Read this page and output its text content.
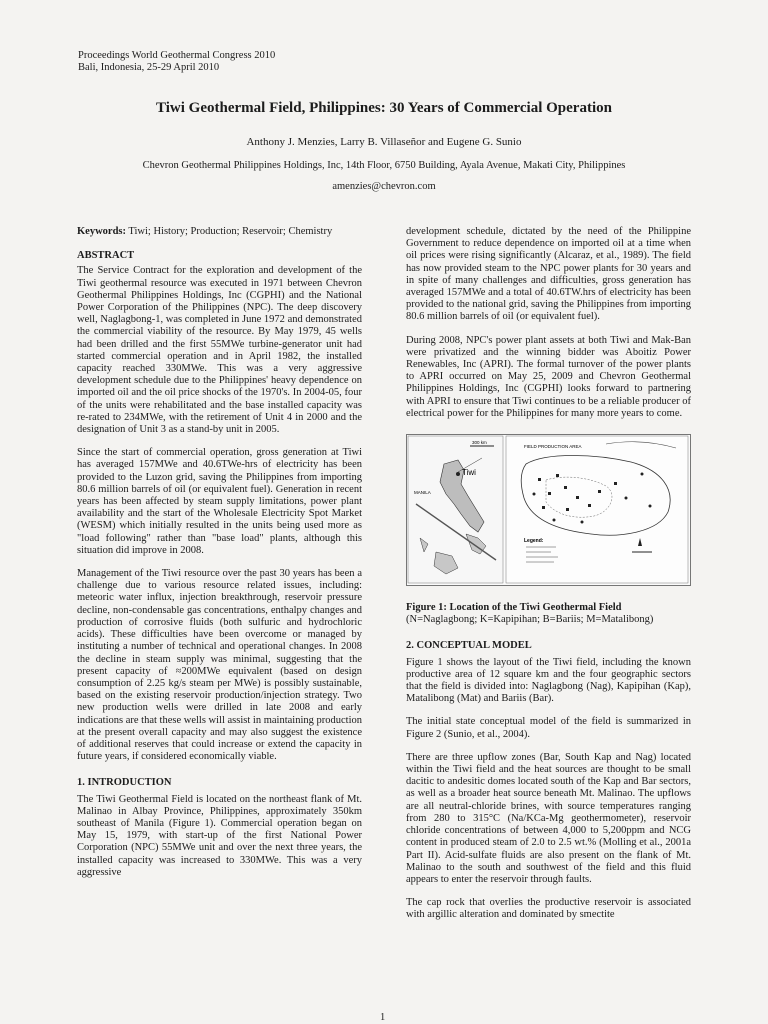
Proceedings World Geothermal Congress 2010
Bali, Indonesia, 25-29 April 2010
Tiwi Geothermal Field, Philippines: 30 Years of Commercial Operation
Anthony J. Menzies, Larry B. Villaseñor and Eugene G. Sunio
Chevron Geothermal Philippines Holdings, Inc, 14th Floor, 6750 Building, Ayala Avenue, Makati City, Philippines
amenzies@chevron.com

Keywords: Tiwi; History; Production; Reservoir; Chemistry

ABSTRACT

The Service Contract for the exploration and development of the Tiwi geothermal resource was executed in 1971 between Chevron Geothermal Philippines Holdings, Inc (CGPHI) and the National Power Corporation of the Philippines (NPC). The deep discovery well, Naglagbong-1, was completed in June 1972 and demonstrated the commercial viability of the resource. By May 1979, 45 wells had been drilled and the first 55MWe turbine-generator unit had started commercial operation and in April 1982, the installed capacity reached 330MWe. This was a very aggressive development schedule due to the Philippines' heavy dependence on imported oil and the oil price shocks of the 1970's. In 2004-05, four of the units were rehabilitated and the base installed capacity was re-rated to 234MWe, with the retirement of Unit 4 in 2000 and the designation of Unit 3 as a stand-by unit in 2005.

Since the start of commercial operation, gross generation at Tiwi has averaged 157MWe and 40.6TWe-hrs of electricity has been provided to the Luzon grid, saving the Philippines from importing 80.6 million barrels of oil (or equivalent fuel). Generation in recent years has been affected by steam supply limitations, power plant availability and the start of the Wholesale Electricity Spot Market (WESM) which initially resulted in the units being used more as "load following" rather than "base load" plants, although this situation did improve in 2008.

Management of the Tiwi resource over the past 30 years has been a challenge due to various resource related issues, including: meteoric water influx, injection breakthrough, reservoir pressure decline, non-condensable gas concentrations, enthalpy changes and production of corrosive fluids (both sulfuric and hydrochloric acids). These difficulties have been overcome or managed by instituting a number of technical and operational changes. In 2008 the decline in steam supply was minimal, suggesting that the present capacity of ≈200MWe equivalent (based on design consumption of 2.25 kg/s steam per MWe) is possibly sustainable, based on the existing reservoir production/injection strategy. Two new production wells were drilled in late 2008 and early indications are that these wells will assist in maintaining production at the present overall capacity and may also suggest the existence of additional reserves that could increase or extend the capacity in future years, if considered economically viable.

1. INTRODUCTION

The Tiwi Geothermal Field is located on the northeast flank of Mt. Malinao in Albay Province, Philippines, approximately 350km southeast of Manila (Figure 1). Commercial operation began on May 15, 1979, with start-up of the first National Power Corporation (NPC) 55MWe unit and over the next three years, the installed capacity was increased to 330MWe. This was a very aggressive

development schedule, dictated by the need of the Philippine Government to reduce dependence on imported oil at a time when oil prices were rising significantly (Alcaraz, et al., 1989). The field has now provided steam to the NPC power plants for 30 years and in spite of many challenges and difficulties, gross generation has averaged 157MWe and a total of 40.6TW.hrs of electricity has been provided to the national grid, saving the Philippines from importing 80.6 million barrels of oil (or equivalent fuel).

During 2008, NPC's power plant assets at both Tiwi and Mak-Ban were privatized and the winning bidder was Aboitiz Power Renewables, Inc (APRI). The formal turnover of the power plants to APRI occurred on May 25, 2009 and Chevron Geothermal Philippines Holdings, Inc (CGPHI) looks forward to partnering with APRI to ensure that Tiwi continues to be a reliable producer of electrical power for the Philippines for many more years to come.

Tiwi
MANILA
300 km
FIELD PRODUCTION AREA
Legend:
Figure 1: Location of the Tiwi Geothermal Field
(N=Naglagbong; K=Kapipihan; B=Bariis; M=Matalibong)
2. CONCEPTUAL MODEL

Figure 1 shows the layout of the Tiwi field, including the known productive area of 12 square km and the four geographic sectors that the field is divided into: Naglagbong (Nag), Kapipihan (Kap), Matalibong (Mat) and Bariis (Bar).

The initial state conceptual model of the field is summarized in Figure 2 (Sunio, et al., 2004).

There are three upflow zones (Bar, South Kap and Nag) located within the Tiwi field and the heat sources are thought to be small dacitic to andesitic domes located south of the Kap and Bar sectors, as well as a broader heat source beneath Mt. Malinao. The upflows are all neutral-chloride brines, with source temperatures ranging from 280 to 315°C (Na/KCa-Mg geothermometer), reservoir chloride concentrations of between 4,000 to 5,200ppm and NCG content in produced steam of 2.0 to 2.5 wt.% (Molling et al., 2001a Part II). Acid-sulfate fluids are also present on the flank of Mt. Malinao to the south and southwest of the field and this fluid appears to enter the reservoir through faults.

The cap rock that overlies the productive reservoir is associated with argillic alteration and dominated by smectite

1
